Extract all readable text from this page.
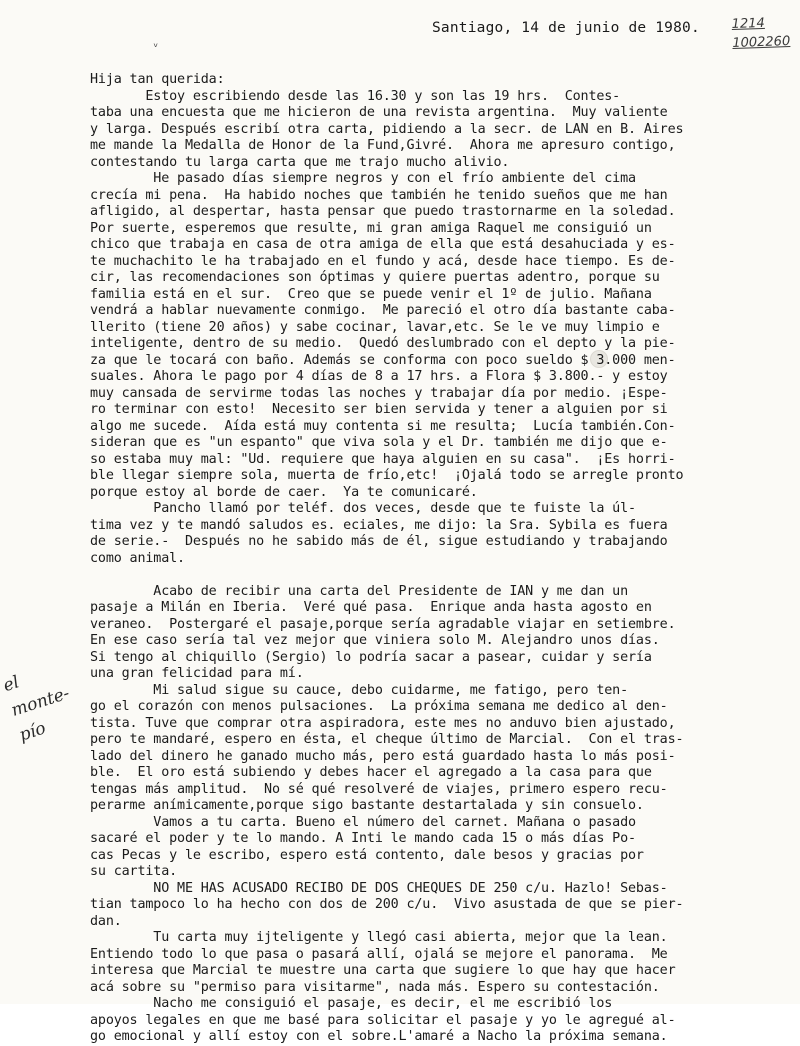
ᵛ
Santiago, 14 de junio de 1980. 1214
1002260
el monte-pío
Hija tan querida:
Estoy escribiendo desde las 16.30 y son las 19 hrs.  Contes-
taba una encuesta que me hicieron de una revista argentina.  Muy valiente
y larga. Después escribí otra carta, pidiendo a la secr. de LAN en B. Aires
me mande la Medalla de Honor de la Fund,Givré.  Ahora me apresuro contigo,
contestando tu larga carta que me trajo mucho alivio.
He pasado días siempre negros y con el frío ambiente del cima
crecía mi pena.  Ha habido noches que también he tenido sueños que me han
afligido, al despertar, hasta pensar que puedo trastornarme en la soledad.
Por suerte, esperemos que resulte, mi gran amiga Raquel me consiguió un
chico que trabaja en casa de otra amiga de ella que está desahuciada y es-
te muchachito le ha trabajado en el fundo y acá, desde hace tiempo. Es de-
cir, las recomendaciones son óptimas y quiere puertas adentro, porque su
familia está en el sur.  Creo que se puede venir el 1º de julio. Mañana
vendrá a hablar nuevamente conmigo.  Me pareció el otro día bastante caba-
llerito (tiene 20 años) y sabe cocinar, lavar,etc. Se le ve muy limpio e
inteligente, dentro de su medio.  Quedó deslumbrado con el depto y la pie-
za que le tocará con baño. Además se conforma con poco sueldo $ 3.000 men-
suales. Ahora le pago por 4 días de 8 a 17 hrs. a Flora $ 3.800.- y estoy
muy cansada de servirme todas las noches y trabajar día por medio. ¡Espe-
ro terminar con esto!  Necesito ser bien servida y tener a alguien por si
algo me sucede.  Aída está muy contenta si me resulta;  Lucía también.Con-
sideran que es "un espanto" que viva sola y el Dr. también me dijo que e-
so estaba muy mal: "Ud. requiere que haya alguien en su casa".  ¡Es horri-
ble llegar siempre sola, muerta de frío,etc!  ¡Ojalá todo se arregle pronto
porque estoy al borde de caer.  Ya te comunicaré.
Pancho llamó por teléf. dos veces, desde que te fuiste la úl-
tima vez y te mandó saludos es. eciales, me dijo: la Sra. Sybila es fuera
de serie.-  Después no he sabido más de él, sigue estudiando y trabajando
como animal.
Acabo de recibir una carta del Presidente de IAN y me dan un
pasaje a Milán en Iberia.  Veré qué pasa.  Enrique anda hasta agosto en
veraneo.  Postergaré el pasaje,porque sería agradable viajar en setiembre.
En ese caso sería tal vez mejor que viniera solo M. Alejandro unos días.
Si tengo al chiquillo (Sergio) lo podría sacar a pasear, cuidar y sería
una gran felicidad para mí.
Mi salud sigue su cauce, debo cuidarme, me fatigo, pero ten-
go el corazón con menos pulsaciones.  La próxima semana me dedico al den-
tista. Tuve que comprar otra aspiradora, este mes no anduvo bien ajustado,
pero te mandaré, espero en ésta, el cheque último de Marcial.  Con el tras-
lado del dinero he ganado mucho más, pero está guardado hasta lo más posi-
ble.  El oro está subiendo y debes hacer el agregado a la casa para que
tengas más amplitud.  No sé qué resolveré de viajes, primero espero recu-
perarme anímicamente,porque sigo bastante destartalada y sin consuelo.
Vamos a tu carta. Bueno el número del carnet. Mañana o pasado
sacaré el poder y te lo mando. A Inti le mando cada 15 o más días Po-
cas Pecas y le escribo, espero está contento, dale besos y gracias por
su cartita.
NO ME HAS ACUSADO RECIBO DE DOS CHEQUES DE 250 c/u. Hazlo! Sebas-
tian tampoco lo ha hecho con dos de 200 c/u.  Vivo asustada de que se pier-
dan.
Tu carta muy ijteligente y llegó casi abierta, mejor que la lean.
Entiendo todo lo que pasa o pasará allí, ojalá se mejore el panorama.  Me
interesa que Marcial te muestre una carta que sugiere lo que hay que hacer
acá sobre su "permiso para visitarme", nada más. Espero su contestación.
Nacho me consiguió el pasaje, es decir, el me escribió los
apoyos legales en que me basé para solicitar el pasaje y yo le agregué al-
go emocional y allí estoy con el sobre.L'amaré a Nacho la próxima semana.
